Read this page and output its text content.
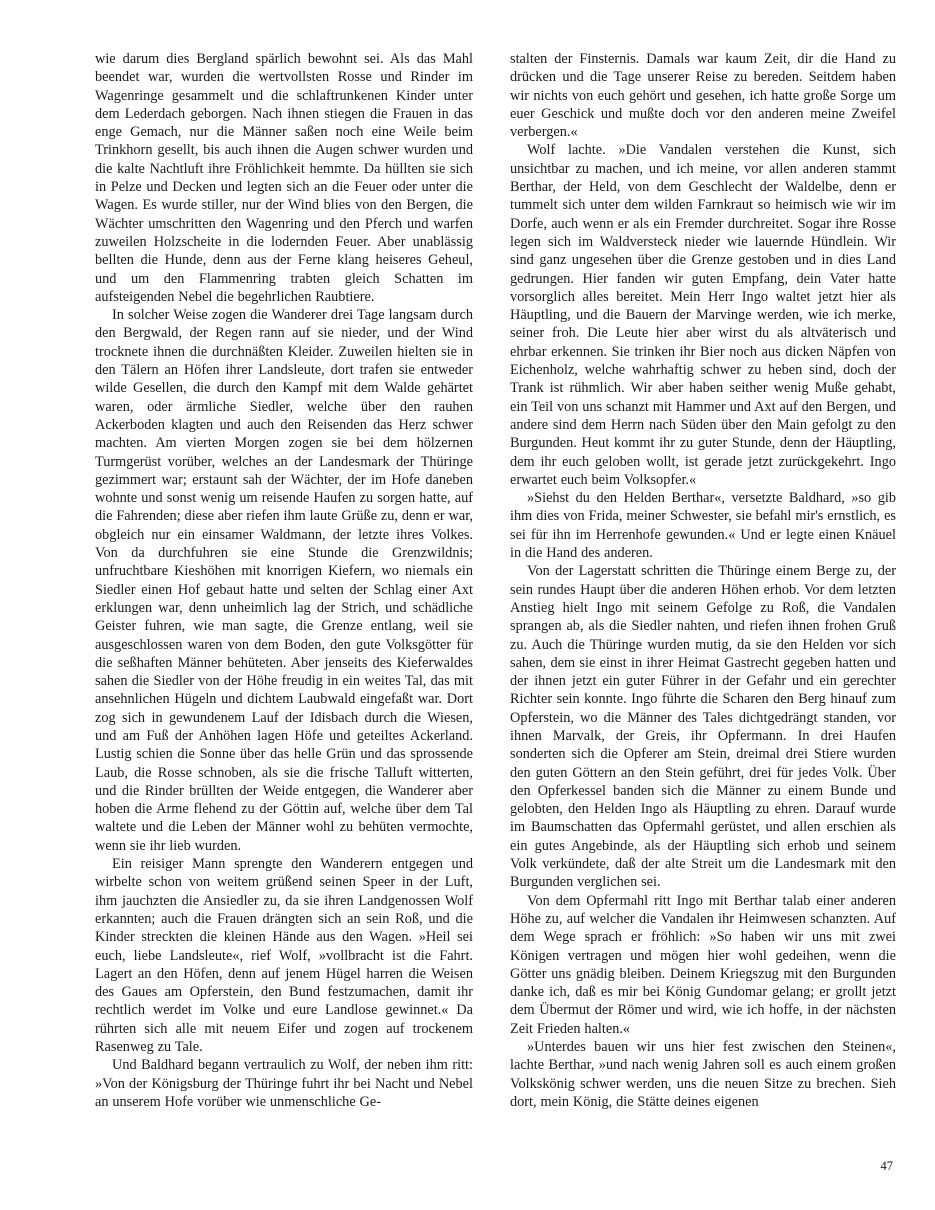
wie darum dies Bergland spärlich bewohnt sei. Als das Mahl beendet war, wurden die wertvollsten Rosse und Rinder im Wagenringe gesammelt und die schlaftrunkenen Kinder unter dem Lederdach geborgen. Nach ihnen stiegen die Frauen in das enge Gemach, nur die Männer saßen noch eine Weile beim Trinkhorn gesellt, bis auch ihnen die Augen schwer wurden und die kalte Nachtluft ihre Fröhlichkeit hemmte. Da hüllten sie sich in Pelze und Decken und legten sich an die Feuer oder unter die Wagen. Es wurde stiller, nur der Wind blies von den Bergen, die Wächter umschritten den Wagenring und den Pferch und warfen zuweilen Holzscheite in die lodernden Feuer. Aber unablässig bellten die Hunde, denn aus der Ferne klang heiseres Geheul, und um den Flammenring trabten gleich Schatten im aufsteigenden Nebel die begehrlichen Raubtiere.

In solcher Weise zogen die Wanderer drei Tage langsam durch den Bergwald, der Regen rann auf sie nieder, und der Wind trocknete ihnen die durchnäßten Kleider. Zuweilen hielten sie in den Tälern an Höfen ihrer Landsleute, dort trafen sie entweder wilde Gesellen, die durch den Kampf mit dem Walde gehärtet waren, oder ärmliche Siedler, welche über den rauhen Ackerboden klagten und auch den Reisenden das Herz schwer machten. Am vierten Morgen zogen sie bei dem hölzernen Turmgerüst vorüber, welches an der Landesmark der Thüringe gezimmert war; erstaunt sah der Wächter, der im Hofe daneben wohnte und sonst wenig um reisende Haufen zu sorgen hatte, auf die Fahrenden; diese aber riefen ihm laute Grüße zu, denn er war, obgleich nur ein einsamer Waldmann, der letzte ihres Volkes. Von da durchfuhren sie eine Stunde die Grenzwildnis; unfruchtbare Kieshöhen mit knorrigen Kiefern, wo niemals ein Siedler einen Hof gebaut hatte und selten der Schlag einer Axt erklungen war, denn unheimlich lag der Strich, und schädliche Geister fuhren, wie man sagte, die Grenze entlang, weil sie ausgeschlossen waren von dem Boden, den gute Volksgötter für die seßhaften Männer behüteten. Aber jenseits des Kieferwaldes sahen die Siedler von der Höhe freudig in ein weites Tal, das mit ansehnlichen Hügeln und dichtem Laubwald eingefaßt war. Dort zog sich in gewundenem Lauf der Idisbach durch die Wiesen, und am Fuß der Anhöhen lagen Höfe und geteiltes Ackerland. Lustig schien die Sonne über das helle Grün und das sprossende Laub, die Rosse schnoben, als sie die frische Talluft witterten, und die Rinder brüllten der Weide entgegen, die Wanderer aber hoben die Arme flehend zu der Göttin auf, welche über dem Tal waltete und die Leben der Männer wohl zu behüten vermochte, wenn sie ihr lieb wurden.

Ein reisiger Mann sprengte den Wanderern entgegen und wirbelte schon von weitem grüßend seinen Speer in der Luft, ihm jauchzten die Ansiedler zu, da sie ihren Landgenossen Wolf erkannten; auch die Frauen drängten sich an sein Roß, und die Kinder streckten die kleinen Hände aus den Wagen. »Heil sei euch, liebe Landsleute«, rief Wolf, »vollbracht ist die Fahrt. Lagert an den Höfen, denn auf jenem Hügel harren die Weisen des Gaues am Opferstein, den Bund festzumachen, damit ihr rechtlich werdet im Volke und eure Landlose gewinnet.« Da rührten sich alle mit neuem Eifer und zogen auf trockenem Rasenweg zu Tale.

Und Baldhard begann vertraulich zu Wolf, der neben ihm ritt: »Von der Königsburg der Thüringe fuhrt ihr bei Nacht und Nebel an unserem Hofe vorüber wie unmenschliche Ge-

stalten der Finsternis. Damals war kaum Zeit, dir die Hand zu drücken und die Tage unserer Reise zu bereden. Seitdem haben wir nichts von euch gehört und gesehen, ich hatte große Sorge um euer Geschick und mußte doch vor den anderen meine Zweifel verbergen.«

Wolf lachte. »Die Vandalen verstehen die Kunst, sich unsichtbar zu machen, und ich meine, vor allen anderen stammt Berthar, der Held, von dem Geschlecht der Waldelbe, denn er tummelt sich unter dem wilden Farnkraut so heimisch wie wir im Dorfe, auch wenn er als ein Fremder durchreitet. Sogar ihre Rosse legen sich im Waldversteck nieder wie lauernde Hündlein. Wir sind ganz ungesehen über die Grenze gestoben und in dies Land gedrungen. Hier fanden wir guten Empfang, dein Vater hatte vorsorglich alles bereitet. Mein Herr Ingo waltet jetzt hier als Häuptling, und die Bauern der Marvinge werden, wie ich merke, seiner froh. Die Leute hier aber wirst du als altväterisch und ehrbar erkennen. Sie trinken ihr Bier noch aus dicken Näpfen von Eichenholz, welche wahrhaftig schwer zu heben sind, doch der Trank ist rühmlich. Wir aber haben seither wenig Muße gehabt, ein Teil von uns schanzt mit Hammer und Axt auf den Bergen, und andere sind dem Herrn nach Süden über den Main gefolgt zu den Burgunden. Heut kommt ihr zu guter Stunde, denn der Häuptling, dem ihr euch geloben wollt, ist gerade jetzt zurückgekehrt. Ingo erwartet euch beim Volksopfer.«

»Siehst du den Helden Berthar«, versetzte Baldhard, »so gib ihm dies von Frida, meiner Schwester, sie befahl mir's ernstlich, es sei für ihn im Herrenhofe gewunden.« Und er legte einen Knäuel in die Hand des anderen.

Von der Lagerstatt schritten die Thüringe einem Berge zu, der sein rundes Haupt über die anderen Höhen erhob. Vor dem letzten Anstieg hielt Ingo mit seinem Gefolge zu Roß, die Vandalen sprangen ab, als die Siedler nahten, und riefen ihnen frohen Gruß zu. Auch die Thüringe wurden mutig, da sie den Helden vor sich sahen, dem sie einst in ihrer Heimat Gastrecht gegeben hatten und der ihnen jetzt ein guter Führer in der Gefahr und ein gerechter Richter sein konnte. Ingo führte die Scharen den Berg hinauf zum Opferstein, wo die Männer des Tales dichtgedrängt standen, vor ihnen Marvalk, der Greis, ihr Opfermann. In drei Haufen sonderten sich die Opferer am Stein, dreimal drei Stiere wurden den guten Göttern an den Stein geführt, drei für jedes Volk. Über den Opferkessel banden sich die Männer zu einem Bunde und gelobten, den Helden Ingo als Häuptling zu ehren. Darauf wurde im Baumschatten das Opfermahl gerüstet, und allen erschien als ein gutes Angebinde, als der Häuptling sich erhob und seinem Volk verkündete, daß der alte Streit um die Landesmark mit den Burgunden verglichen sei.

Von dem Opfermahl ritt Ingo mit Berthar talab einer anderen Höhe zu, auf welcher die Vandalen ihr Heimwesen schanzten. Auf dem Wege sprach er fröhlich: »So haben wir uns mit zwei Königen vertragen und mögen hier wohl gedeihen, wenn die Götter uns gnädig bleiben. Deinem Kriegszug mit den Burgunden danke ich, daß es mir bei König Gundomar gelang; er grollt jetzt dem Übermut der Römer und wird, wie ich hoffe, in der nächsten Zeit Frieden halten.«

»Unterdes bauen wir uns hier fest zwischen den Steinen«, lachte Berthar, »und nach wenig Jahren soll es auch einem großen Volkskönig schwer werden, uns die neuen Sitze zu brechen. Sieh dort, mein König, die Stätte deines eigenen

47
